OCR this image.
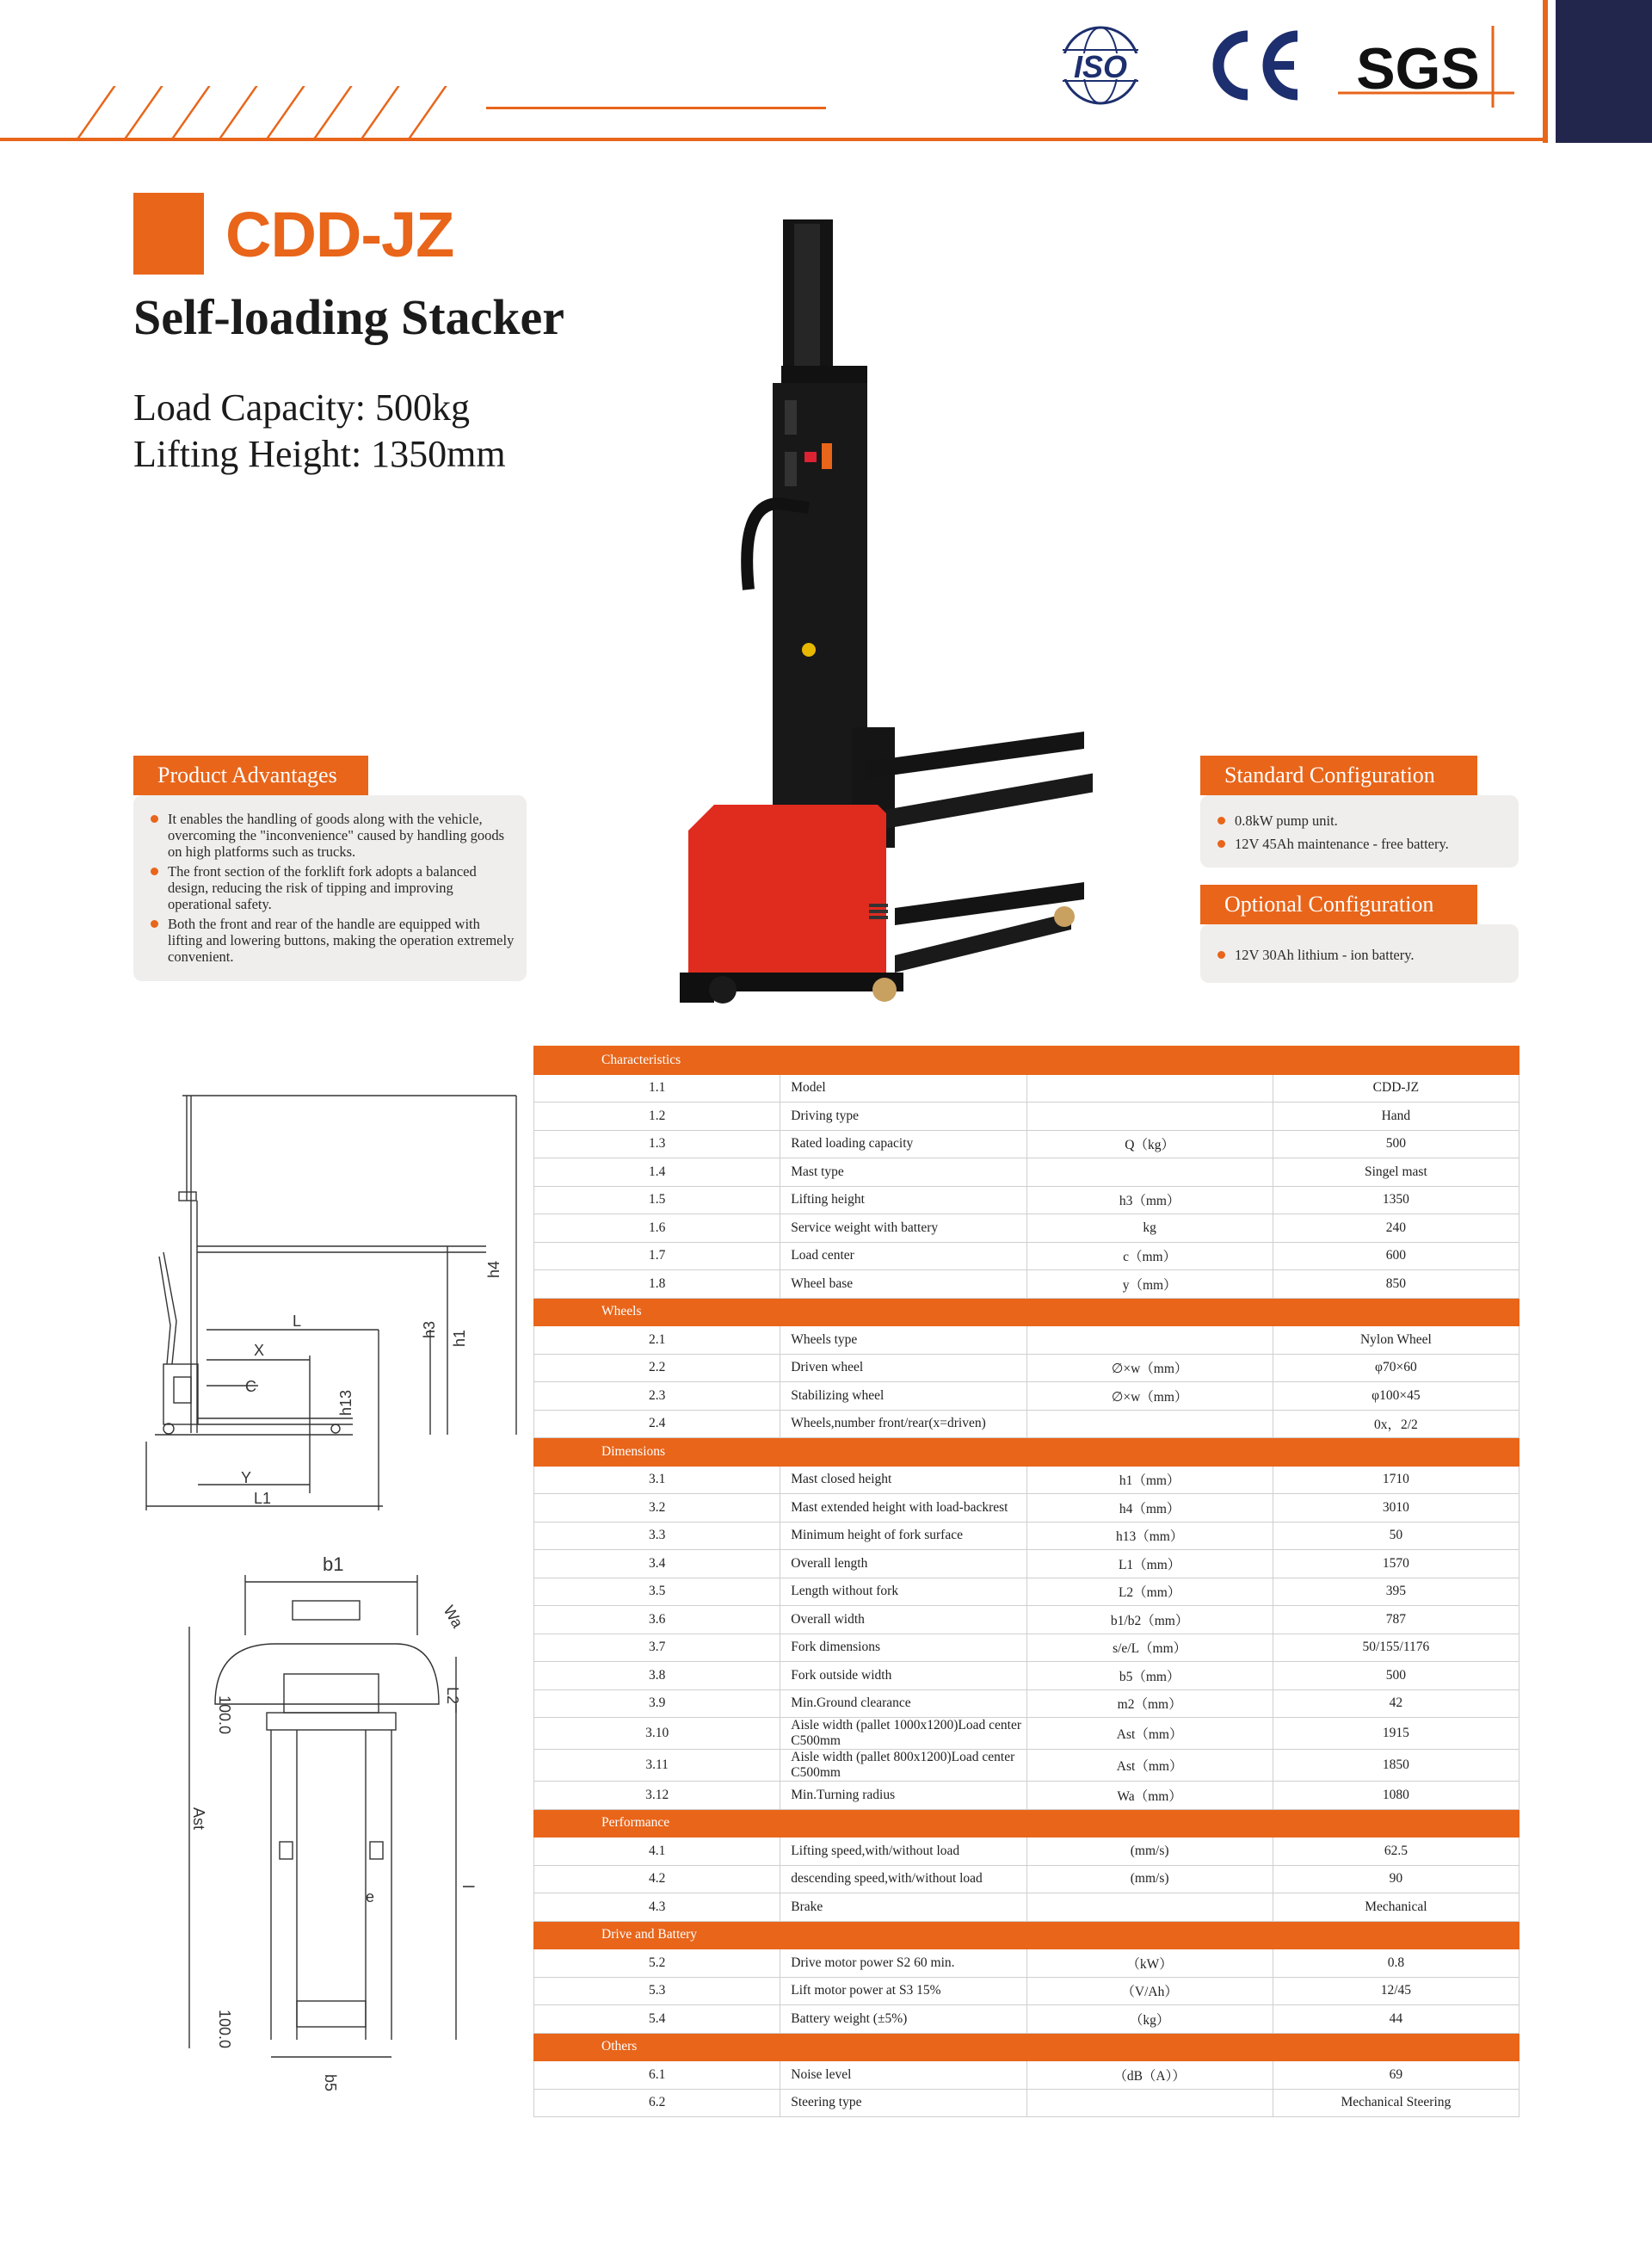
ISO	SGS
CDD-JZ
Self-loading Stacker
Load Capacity: 500kg
Lifting Height: 1350mm
Product Advantages
It enables the handling of goods along with the vehicle, overcoming the "inconvenience" caused by handling goods on high platforms such as trucks.
The front section of the forklift fork adopts a balanced design, reducing the risk of tipping and improving operational safety.
Both the front and rear of the handle are equipped with lifting and lowering buttons, making the operation extremely convenient.
Standard Configuration
0.8kW pump unit.
12V 45Ah maintenance - free battery.
Optional Configuration
12V 30Ah lithium - ion battery.
h4
h1
h3
L
X
C
h13
Y
L1
b1
100.0
Wa
L2
Ast
l
e
100.0
b5
Characteristics			
1.1	Model		CDD-JZ
1.2	Driving type		Hand
1.3	Rated loading capacity	Q（kg）	500
1.4	Mast type		Singel mast
1.5	Lifting height	h3（mm）	1350
1.6	Service weight with battery	kg	240
1.7	Load center	c（mm）	600
1.8	Wheel base	y（mm）	850
Wheels			
2.1	Wheels type		Nylon Wheel
2.2	Driven wheel	∅×w（mm）	φ70×60
2.3	Stabilizing wheel	∅×w（mm）	φ100×45
2.4	Wheels,number front/rear(x=driven)		0x，2/2
Dimensions			
3.1	Mast closed height	h1（mm）	1710
3.2	Mast extended height with load-backrest	h4（mm）	3010
3.3	Minimum height of fork surface	h13（mm）	50
3.4	Overall length	L1（mm）	1570
3.5	Length without fork	L2（mm）	395
3.6	Overall width	b1/b2（mm）	787
3.7	Fork dimensions	s/e/L（mm）	50/155/1176
3.8	Fork outside width	b5（mm）	500
3.9	Min.Ground clearance	m2（mm）	42
3.10	Aisle width (pallet 1000x1200)Load center C500mm	Ast（mm）	1915
3.11	Aisle width (pallet 800x1200)Load center C500mm	Ast（mm）	1850
3.12	Min.Turning radius	Wa（mm）	1080
Performance			
4.1	Lifting speed,with/without load	(mm/s)	62.5
4.2	descending speed,with/without load	(mm/s)	90
4.3	Brake		Mechanical
Drive and Battery			
5.2	Drive motor power S2 60 min.	（kW）	0.8
5.3	Lift motor power at S3 15%	（V/Ah）	12/45
5.4	Battery weight (±5%)	（kg）	44
Others			
6.1	Noise level	（dB（A））	69
6.2	Steering type		Mechanical Steering
